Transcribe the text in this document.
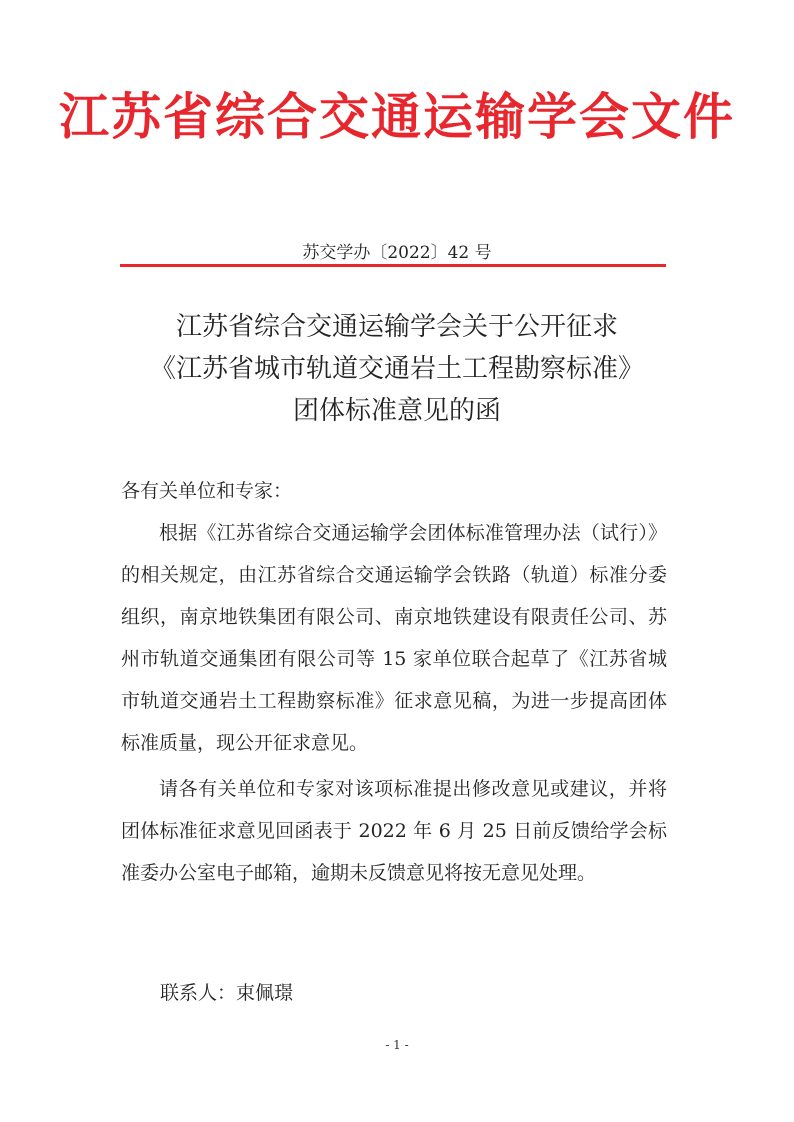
江苏省综合交通运输学会文件
苏交学办〔2022〕42 号
江苏省综合交通运输学会关于公开征求
《江苏省城市轨道交通岩土工程勘察标准》
团体标准意见的函

各有关单位和专家：

根据《江苏省综合交通运输学会团体标准管理办法（试行）》的相关规定，由江苏省综合交通运输学会铁路（轨道）标准分委组织，南京地铁集团有限公司、南京地铁建设有限责任公司、苏州市轨道交通集团有限公司等 15 家单位联合起草了《江苏省城市轨道交通岩土工程勘察标准》征求意见稿，为进一步提高团体标准质量，现公开征求意见。

请各有关单位和专家对该项标准提出修改意见或建议，并将团体标准征求意见回函表于 2022 年 6 月 25 日前反馈给学会标准委办公室电子邮箱，逾期未反馈意见将按无意见处理。

联系人：束佩璟
- 1 -
